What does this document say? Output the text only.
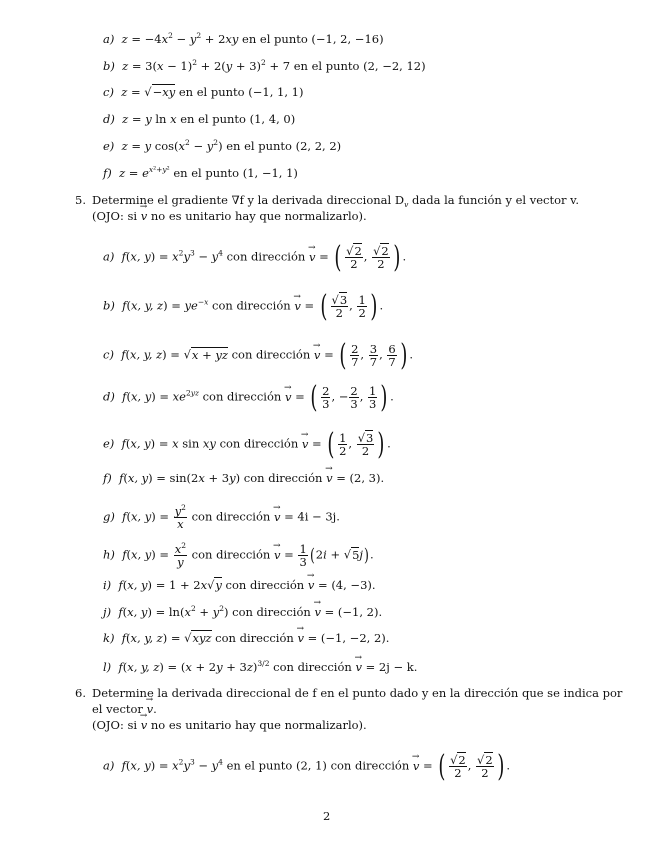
a) $z = -4x^2 - y^2 + 2xy$ en el punto (−1, 2, −16)
b) $z = 3(x - 1)^2 + 2(y + 3)^2 + 7$ en el punto (2, −2, 12)
c) z = √−xy en el punto (−1, 1, 1)
d) z = y ln x en el punto (1, 4, 0)
e) z = y $\cos(x^2 - y^2)$ en el punto (2, 2, 2)
f) $z = e^{x^2+y^2}$ en el punto (1, −1, 1)
5. Determine el gradiente ∇f y la derivada direccional $D_v$ dada la función y el vector v.
(OJO: si → v no es unitario hay que normalizarlo).
a) f(x, $y) = x^2y^3 - y^4$ con dirección → v = ( $\frac{√2}{2}$ , $\frac{√2}{2}$ ) .
b) f(x, y, $z) = ye^{-x}$ con dirección → v = ( $\frac{√3}{2}$ , $\frac{1}{2}$ ) .
c) f(x, y, z) = √x + yz con dirección → v = ( $\frac{2}{7}$ , $\frac{3}{7}$ , $\frac{6}{7}$ ) .
d) f(x, $y) = xe^{2yz}$ con dirección → v = ( $\frac{2}{3}$ , − $\frac{2}{3}$ , $\frac{1}{3}$ ) .
e) f(x, y) = x sin xy con dirección → v = ( $\frac{1}{2}$ , $\frac{√3}{2}$ ) .
f) f(x, y) = sin(2x + 3y) con dirección → v = (2, 3).
g) f(x, $y) = \frac{y^2}{x}$ con dirección → v = 4i − 3j.
h) f(x, $y) = \frac{x^2}{y}$ con dirección → $v = \frac{1}{3} (2i + √5j)$.
i) f(x, y) = 1 + 2x√y con dirección → v = (4, −3).
j) f(x, $y) = \ln(x^2 + y^2)$ con dirección → v = (−1, 2).
k) f(x, y, z) = √xyz con dirección → v = (−1, −2, 2).
l) f(x, y, $z) = (x + 2y + 3z)^{3/2}$ con dirección → v = 2j − k.
6. Determine la derivada direccional de f en el punto dado y en la dirección que se indica por
el vector → v.
(OJO: si → v no es unitario hay que normalizarlo).
a) f(x, $y) = x^2y^3 - y^4$ en el punto (2, 1) con dirección → v = ( $\frac{√2}{2}$ , $\frac{√2}{2}$ ) .
2
